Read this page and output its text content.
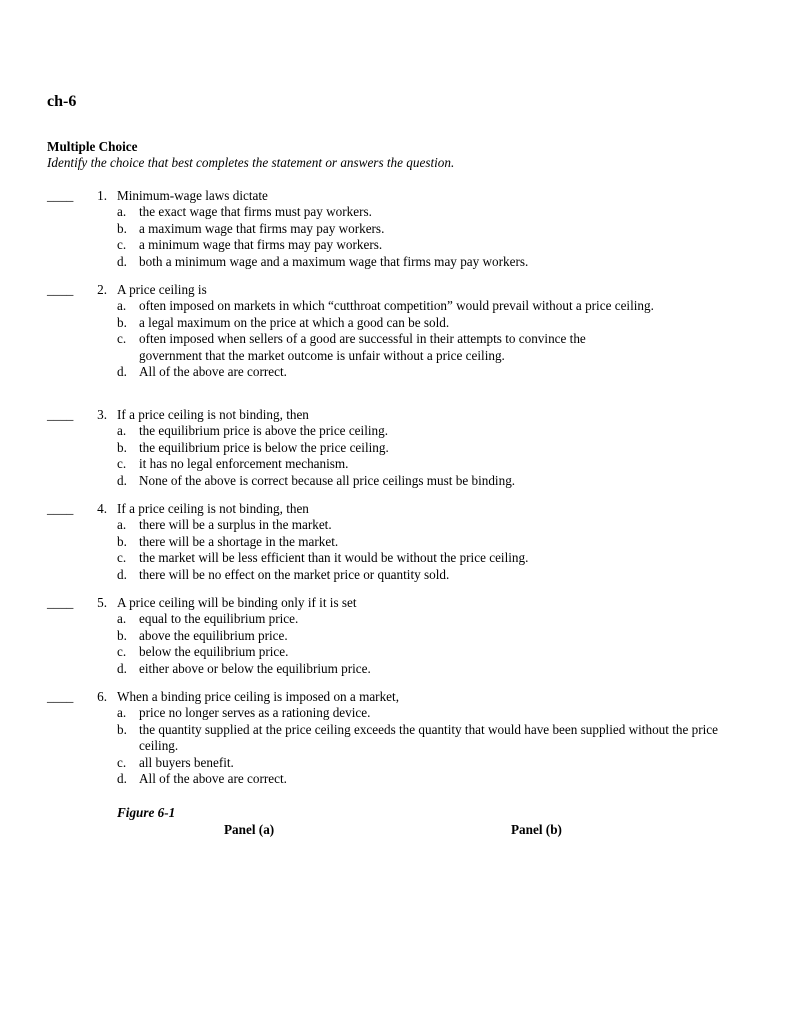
ch-6
Multiple Choice
Identify the choice that best completes the statement or answers the question.
____	1. Minimum-wage laws dictate
a. the exact wage that firms must pay workers.
b. a maximum wage that firms may pay workers.
c. a minimum wage that firms may pay workers.
d. both a minimum wage and a maximum wage that firms may pay workers.
____	2. A price ceiling is
a. often imposed on markets in which “cutthroat competition” would prevail without a price ceiling.
b. a legal maximum on the price at which a good can be sold.
c. often imposed when sellers of a good are successful in their attempts to convince the government that the market outcome is unfair without a price ceiling.
d. All of the above are correct.
____	3. If a price ceiling is not binding, then
a. the equilibrium price is above the price ceiling.
b. the equilibrium price is below the price ceiling.
c. it has no legal enforcement mechanism.
d. None of the above is correct because all price ceilings must be binding.
____	4. If a price ceiling is not binding, then
a. there will be a surplus in the market.
b. there will be a shortage in the market.
c. the market will be less efficient than it would be without the price ceiling.
d. there will be no effect on the market price or quantity sold.
____	5. A price ceiling will be binding only if it is set
a. equal to the equilibrium price.
b. above the equilibrium price.
c. below the equilibrium price.
d. either above or below the equilibrium price.
____	6. When a binding price ceiling is imposed on a market,
a. price no longer serves as a rationing device.
b. the quantity supplied at the price ceiling exceeds the quantity that would have been supplied without the price ceiling.
c. all buyers benefit.
d. All of the above are correct.
Figure 6-1
Panel (a)	Panel (b)
